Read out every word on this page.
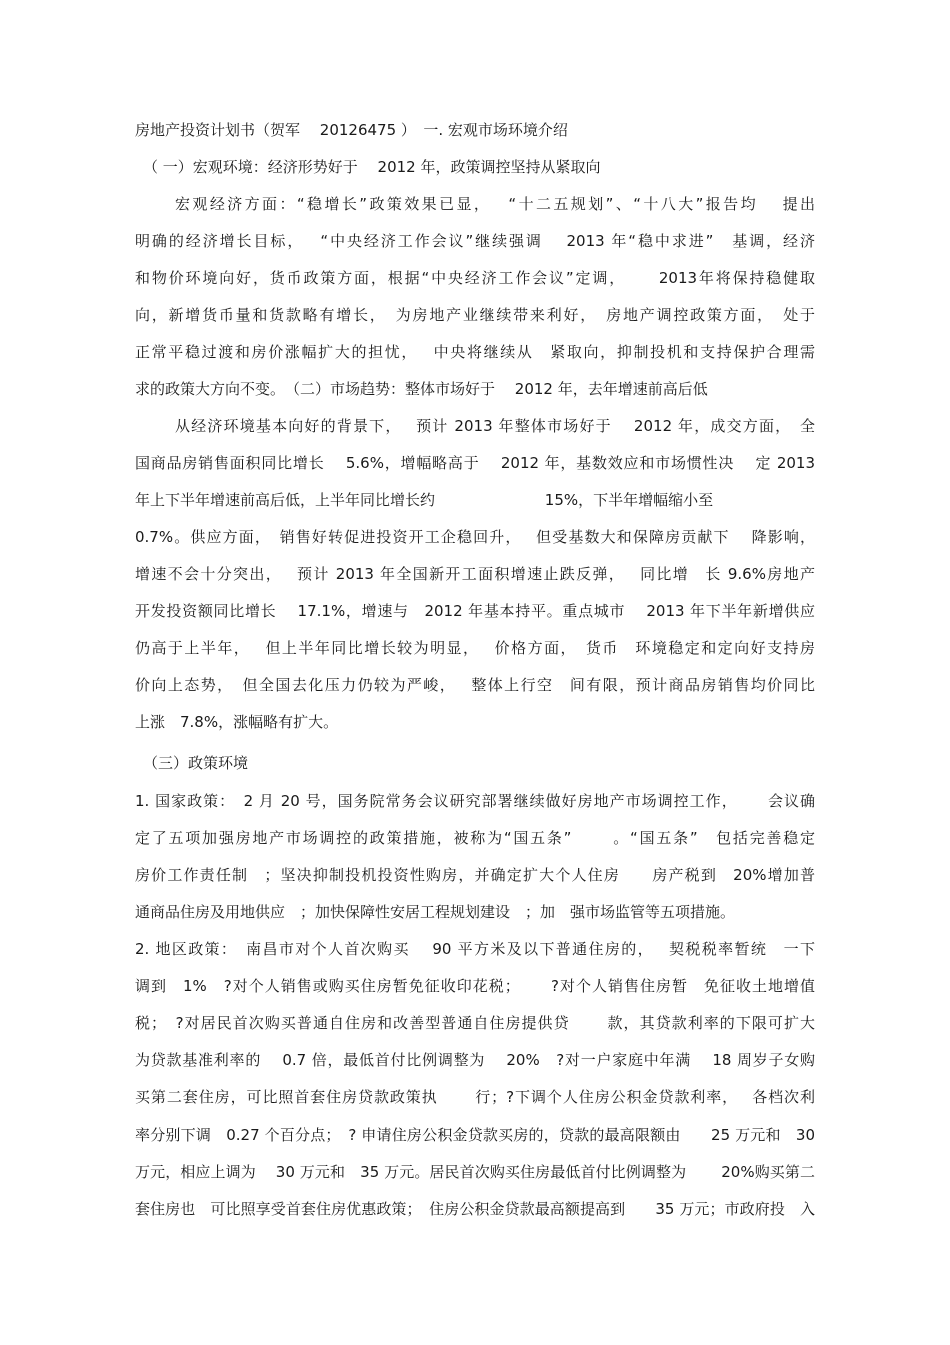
房地产投资计划书（贺军　 20126475 ）　一. 宏观市场环境介绍
（ 一）宏观环境：经济形势好于　 2012 年，政策调控坚持从紧取向
宏观经济方面：“稳增长”政策效果已显，　 “十二五规划”、“十八大”报告均　 提出
明确的经济增长目标，　 “中央经济工作会议”继续强调　 2013 年“稳中求进”　基调，经济
和物价环境向好，货币政策方面，根据“中央经济工作会议”定调，　　 2013年将保持稳健取
向，新增货币量和货款略有增长，　为房地产业继续带来利好，　房地产调控政策方面，　处于
正常平稳过渡和房价涨幅扩大的担忧，　 中央将继续从　紧取向，抑制投机和支持保护合理需
求的政策大方向不变。　（二）市场趋势：整体市场好于　 2012 年，去年增速前高后低
从经济环境基本向好的背景下，　 预计 2013 年整体市场好于　 2012 年，成交方面，　全
国商品房销售面积同比增长　 5.6%，增幅略高于　 2012 年，基数效应和市场惯性决　 定 2013
年上下半年增速前高后低，上半年同比增长约　　　　　　　 15%，下半年增幅缩小至
0.7%。供应方面，　销售好转促进投资开工企稳回升，　 但受基数大和保障房贡献下　 降影响，
增速不会十分突出，　 预计 2013 年全国新开工面积增速止跌反弹，　 同比增　长 9.6%房地产
开发投资额同比增长　 17.1%，增速与　2012 年基本持平。重点城市　 2013 年下半年新增供应
仍高于上半年，　 但上半年同比增长较为明显，　 价格方面，　货币　环境稳定和定向好支持房
价向上态势，　但全国去化压力仍较为严峻，　 整体上行空　间有限，预计商品房销售均价同比
上涨　7.8%，涨幅略有扩大。
（三）政策环境
1. 国家政策：　2 月 20 号，国务院常务会议研究部署继续做好房地产市场调控工作，　　 会议确
定了五项加强房地产市场调控的政策措施，被称为“国五条”　　 。“国五条”　包括完善稳定
房价工作责任制　；坚决抑制投机投资性购房，并确定扩大个人住房　　房产税到　20%增加普
通商品住房及用地供应　；加快保障性安居工程规划建设　；加　强市场监管等五项措施。
2. 地区政策：　南昌市对个人首次购买　 90 平方米及以下普通住房的，　 契税税率暂统　一下
调到　1%　?对个人销售或购买住房暂免征收印花税；　　 ?对个人销售住房暂　免征收土地增值
税；　?对居民首次购买普通自住房和改善型普通自住房提供贷　　 款，其贷款利率的下限可扩大
为贷款基准利率的　 0.7 倍，最低首付比例调整为　 20%　?对一户家庭中年满　 18 周岁子女购
买第二套住房，可比照首套住房贷款政策执　　 行；?下调个人住房公积金贷款利率，　 各档次利
率分别下调　0.27 个百分点；　? 申请住房公积金贷款买房的，贷款的最高限额由　　25 万元和　30
万元，相应上调为　 30 万元和　35 万元。居民首次购买住房最低首付比例调整为　　 20%购买第二
套住房也　可比照享受首套住房优惠政策；　住房公积金贷款最高额提高到　　35 万元；市政府投　入
